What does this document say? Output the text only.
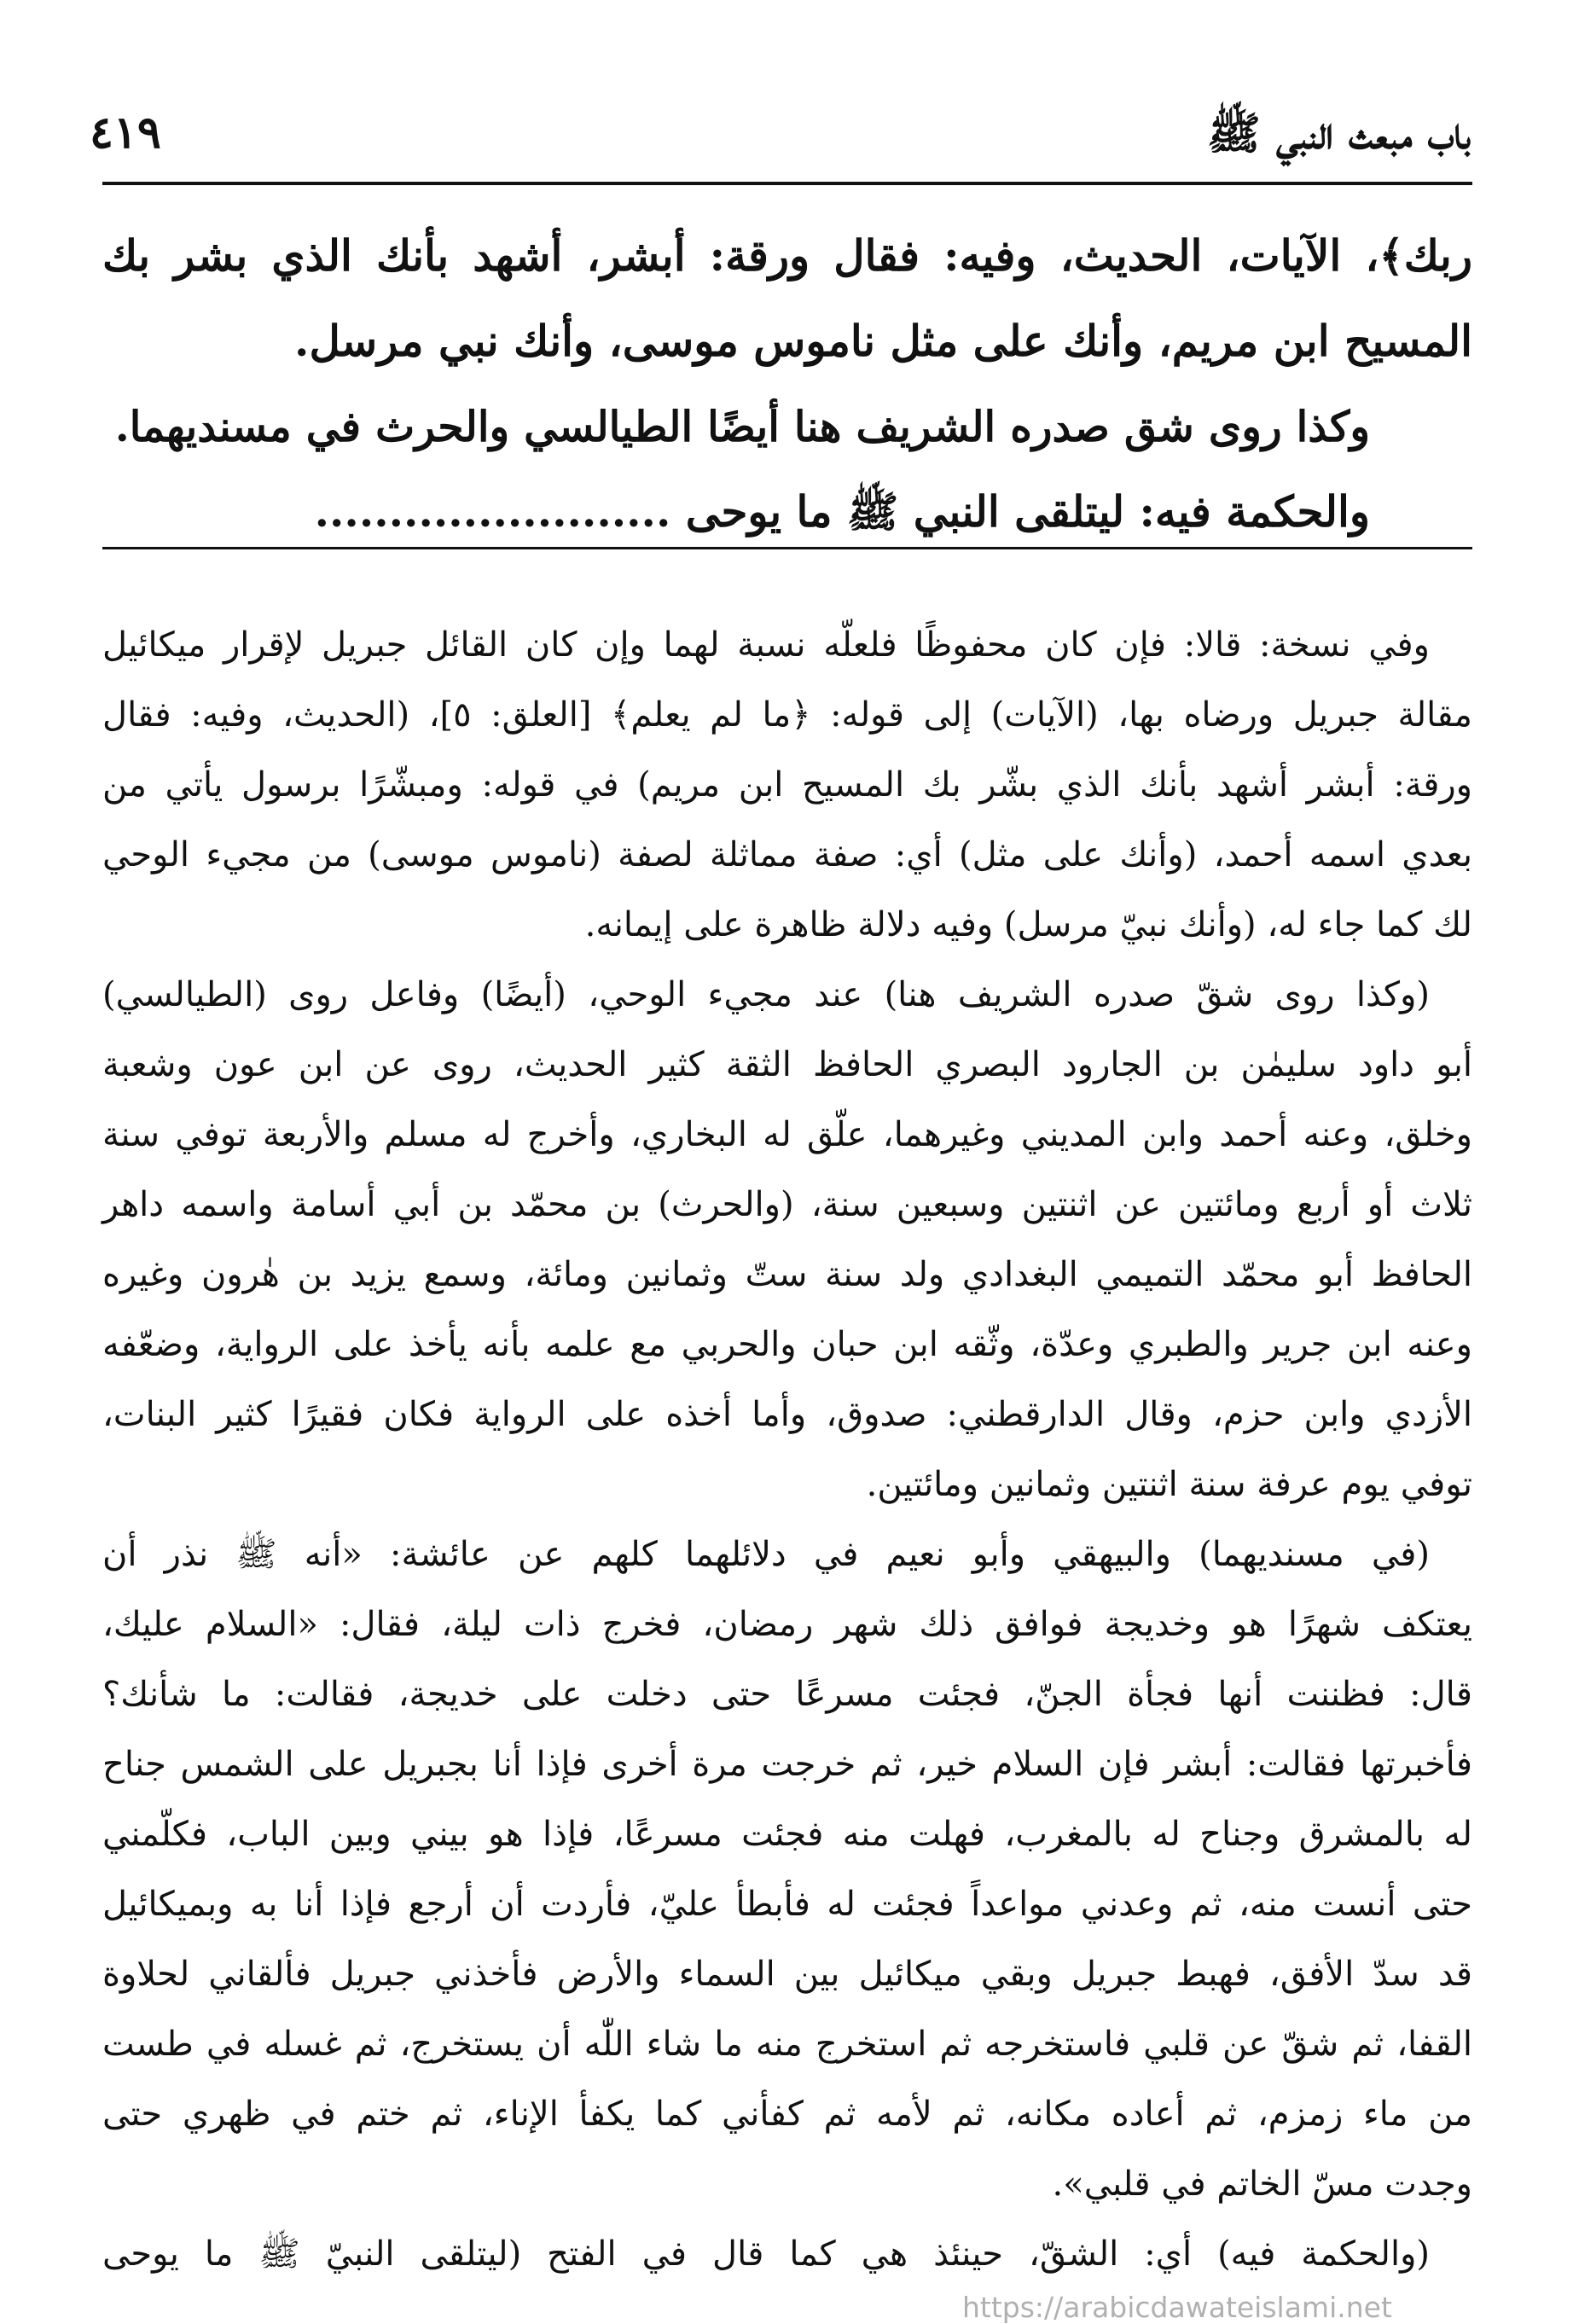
باب مبعث النبي ﷺ
٤١٩
ربك﴾، الآيات، الحديث، وفيه: فقال ورقة: أبشر، أشهد بأنك الذي بشر بك
المسيح ابن مريم، وأنك على مثل ناموس موسى، وأنك نبي مرسل.
وكذا روى شق صدره الشريف هنا أيضًا الطيالسي والحرث في مسنديهما.
والحكمة فيه: ليتلقى النبي ﷺ ما يوحى ........................
وفي نسخة: قالا: فإن كان محفوظًا فلعلّه نسبة لهما وإن كان القائل جبريل لإقرار ميكائيل
مقالة جبريل ورضاه بها، (الآيات) إلى قوله: ﴿ما لم يعلم﴾ [العلق: ٥]، (الحديث، وفيه: فقال
ورقة: أبشر أشهد بأنك الذي بشّر بك المسيح ابن مريم) في قوله: ومبشّرًا برسول يأتي من
بعدي اسمه أحمد، (وأنك على مثل) أي: صفة مماثلة لصفة (ناموس موسى) من مجيء الوحي
لك كما جاء له، (وأنك نبيّ مرسل) وفيه دلالة ظاهرة على إيمانه.
(وكذا روى شقّ صدره الشريف هنا) عند مجيء الوحي، (أيضًا) وفاعل روى (الطيالسي)
أبو داود سليمٰن بن الجارود البصري الحافظ الثقة كثير الحديث، روى عن ابن عون وشعبة
وخلق، وعنه أحمد وابن المديني وغيرهما، علّق له البخاري، وأخرج له مسلم والأربعة توفي سنة
ثلاث أو أربع ومائتين عن اثنتين وسبعين سنة، (والحرث) بن محمّد بن أبي أسامة واسمه داهر
الحافظ أبو محمّد التميمي البغدادي ولد سنة ستّ وثمانين ومائة، وسمع يزيد بن هٰرون وغيره
وعنه ابن جرير والطبري وعدّة، وثّقه ابن حبان والحربي مع علمه بأنه يأخذ على الرواية، وضعّفه
الأزدي وابن حزم، وقال الدارقطني: صدوق، وأما أخذه على الرواية فكان فقيرًا كثير البنات،
توفي يوم عرفة سنة اثنتين وثمانين ومائتين.
(في مسنديهما) والبيهقي وأبو نعيم في دلائلهما كلهم عن عائشة: «أنه ﷺ نذر أن
يعتكف شهرًا هو وخديجة فوافق ذلك شهر رمضان، فخرج ذات ليلة، فقال: «السلام عليك،
قال: فظننت أنها فجأة الجنّ، فجئت مسرعًا حتى دخلت على خديجة، فقالت: ما شأنك؟
فأخبرتها فقالت: أبشر فإن السلام خير، ثم خرجت مرة أخرى فإذا أنا بجبريل على الشمس جناح
له بالمشرق وجناح له بالمغرب، فهلت منه فجئت مسرعًا، فإذا هو بيني وبين الباب، فكلّمني
حتى أنست منه، ثم وعدني مواعداً فجئت له فأبطأ عليّ، فأردت أن أرجع فإذا أنا به وبميكائيل
قد سدّ الأفق، فهبط جبريل وبقي ميكائيل بين السماء والأرض فأخذني جبريل فألقاني لحلاوة
القفا، ثم شقّ عن قلبي فاستخرجه ثم استخرج منه ما شاء اللّٰه أن يستخرج، ثم غسله في طست
من ماء زمزم، ثم أعاده مكانه، ثم لأمه ثم كفأني كما يكفأ الإناء، ثم ختم في ظهري حتى
وجدت مسّ الخاتم في قلبي».
(والحكمة فيه) أي: الشقّ، حينئذ هي كما قال في الفتح (ليتلقى النبيّ ﷺ ما يوحى
https://arabicdawateislami.net
